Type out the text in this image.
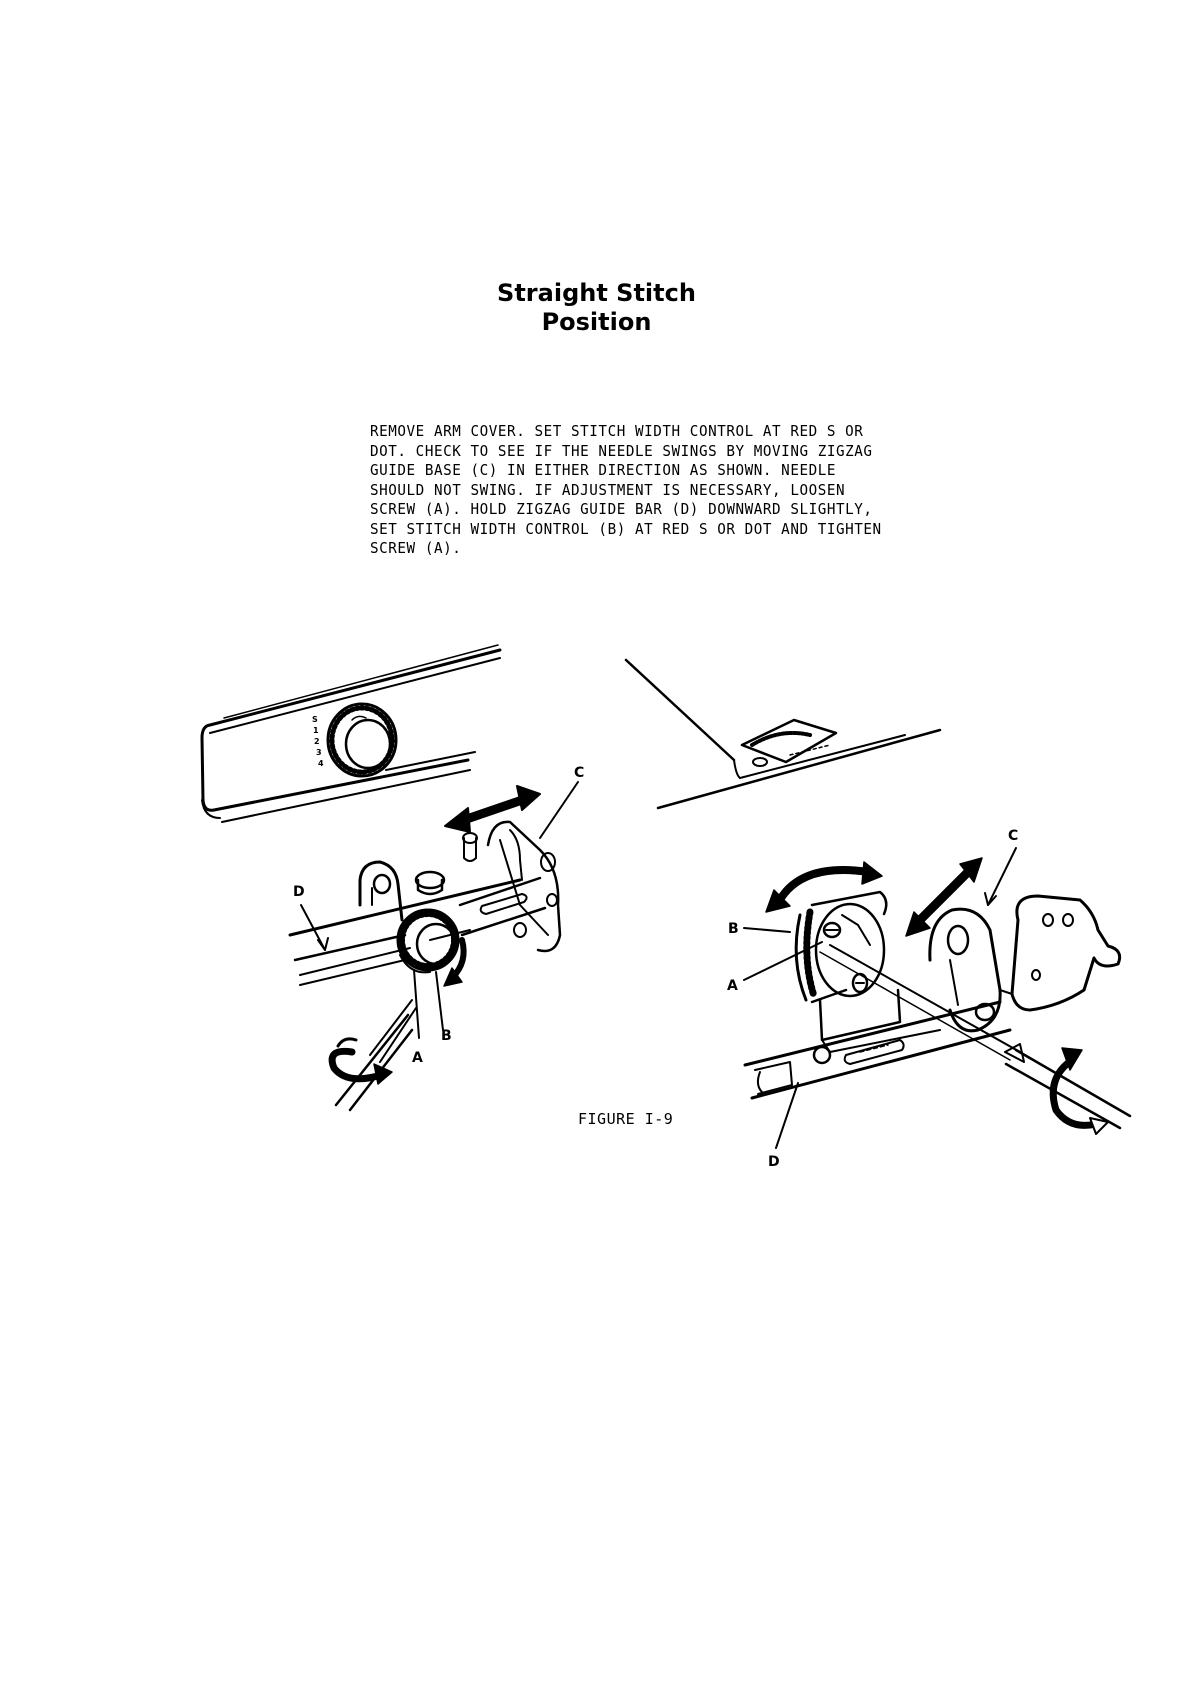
Straight Stitch
Position
REMOVE ARM COVER. SET STITCH WIDTH CONTROL AT RED S OR
DOT. CHECK TO SEE IF THE NEEDLE SWINGS BY MOVING ZIGZAG
GUIDE BASE (C) IN EITHER DIRECTION AS SHOWN. NEEDLE
SHOULD NOT SWING. IF ADJUSTMENT IS NECESSARY, LOOSEN
SCREW (A). HOLD ZIGZAG GUIDE BAR (D) DOWNWARD SLIGHTLY,
SET STITCH WIDTH CONTROL (B) AT RED S OR DOT AND TIGHTEN
SCREW (A).
S
1
2
3
4
C
D
A
B
C
B
A
D
FIGURE I-9
